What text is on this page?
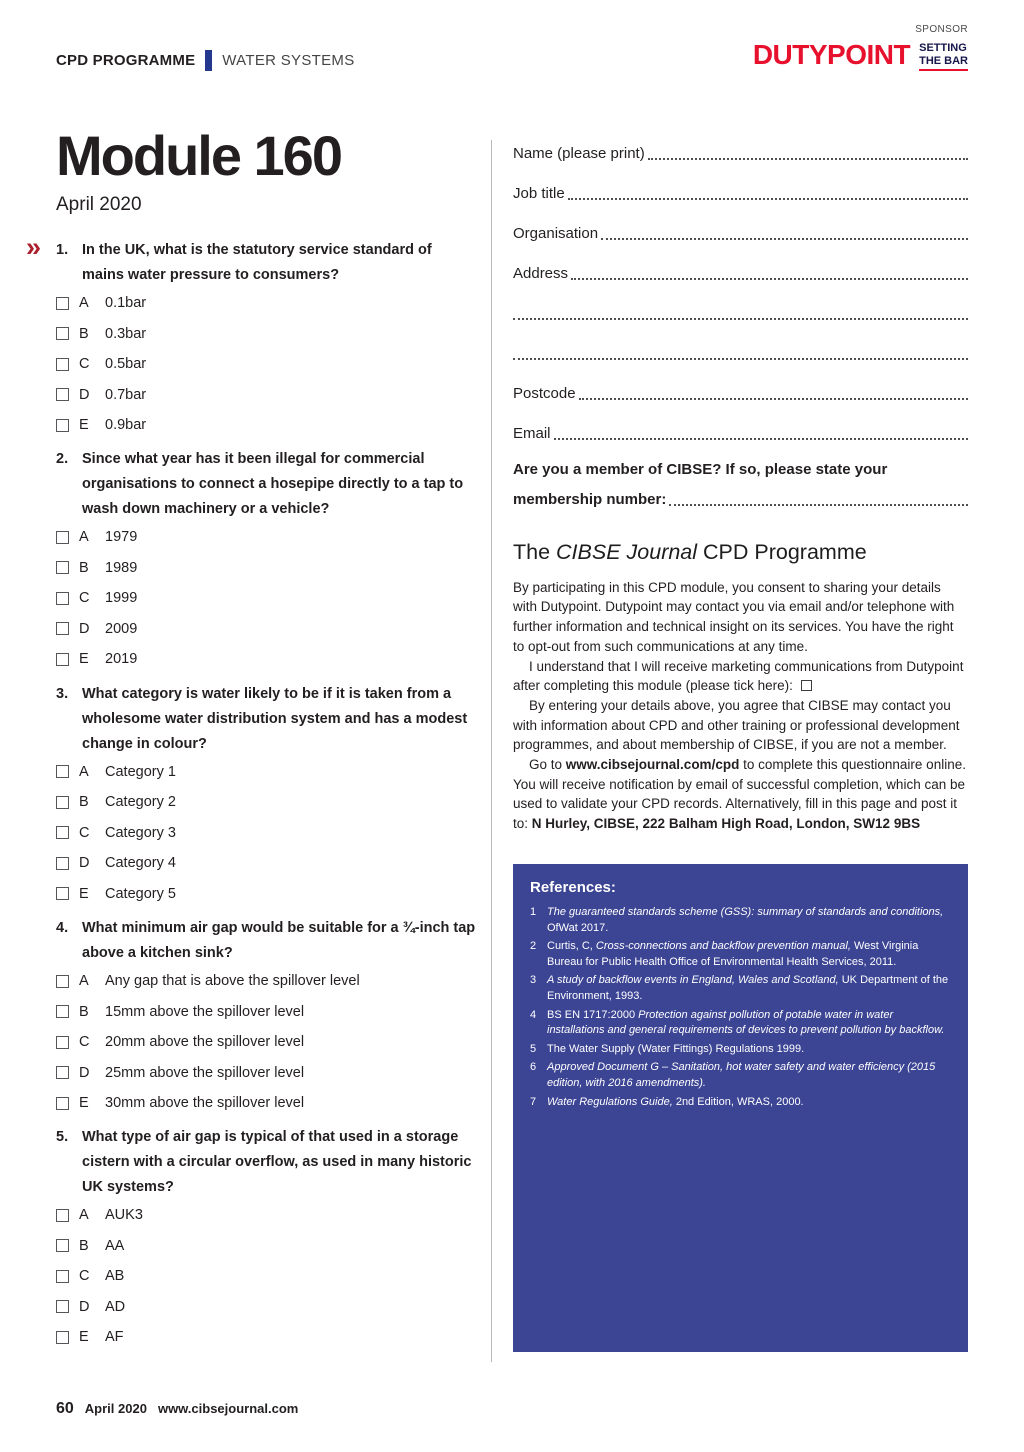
CPD PROGRAMME WATER SYSTEMS
SPONSOR
DUTYPOINT SETTING
THE BAR
»
Module 160
April 2020
1. In the UK, what is the statutory service standard of mains water pressure to consumers?
A	0.1bar
B	0.3bar
C	0.5bar
D	0.7bar
E	0.9bar
2. Since what year has it been illegal for commercial organisations to connect a hosepipe directly to a tap to wash down machinery or a vehicle?
A	1979
B	1989
C	1999
D	2009
E	2019
3. What category is water likely to be if it is taken from a wholesome water distribution system and has a modest change in colour?
A	Category 1
B	Category 2
C	Category 3
D	Category 4
E	Category 5
4. What minimum air gap would be suitable for a ¾-inch tap above a kitchen sink?
A	Any gap that is above the spillover level
B	15mm above the spillover level
C	20mm above the spillover level
D	25mm above the spillover level
E	30mm above the spillover level
5. What type of air gap is typical of that used in a storage cistern with a circular overflow, as used in many historic UK systems?
A	AUK3
B	AA
C	AB
D	AD
E	AF
Name (please print)
Job title
Organisation
Address
Postcode
Email
Are you a member of CIBSE? If so, please state your
membership number:
The CIBSE Journal CPD Programme

By participating in this CPD module, you consent to sharing your details with Dutypoint. Dutypoint may contact you via email and/or telephone with further information and technical insight on its services. You have the right to opt-out from such communications at any time.

I understand that I will receive marketing communications from Dutypoint after completing this module (please tick here):

By entering your details above, you agree that CIBSE may contact you with information about CPD and other training or professional development programmes, and about membership of CIBSE, if you are not a member.

Go to www.cibsejournal.com/cpd to complete this questionnaire online. You will receive notification by email of successful completion, which can be used to validate your CPD records. Alternatively, fill in this page and post it to: N Hurley, CIBSE, 222 Balham High Road, London, SW12 9BS

References:
1 The guaranteed standards scheme (GSS): summary of standards and conditions, OfWat 2017.
2 Curtis, C, Cross-connections and backflow prevention manual, West Virginia Bureau for Public Health Office of Environmental Health Services, 2011.
3 A study of backflow events in England, Wales and Scotland, UK Department of the Environment, 1993.
4 BS EN 1717:2000 Protection against pollution of potable water in water installations and general requirements of devices to prevent pollution by backflow.
5 The Water Supply (Water Fittings) Regulations 1999.
6 Approved Document G – Sanitation, hot water safety and water efficiency (2015 edition, with 2016 amendments).
7 Water Regulations Guide, 2nd Edition, WRAS, 2000.
60 April 2020 www.cibsejournal.com
